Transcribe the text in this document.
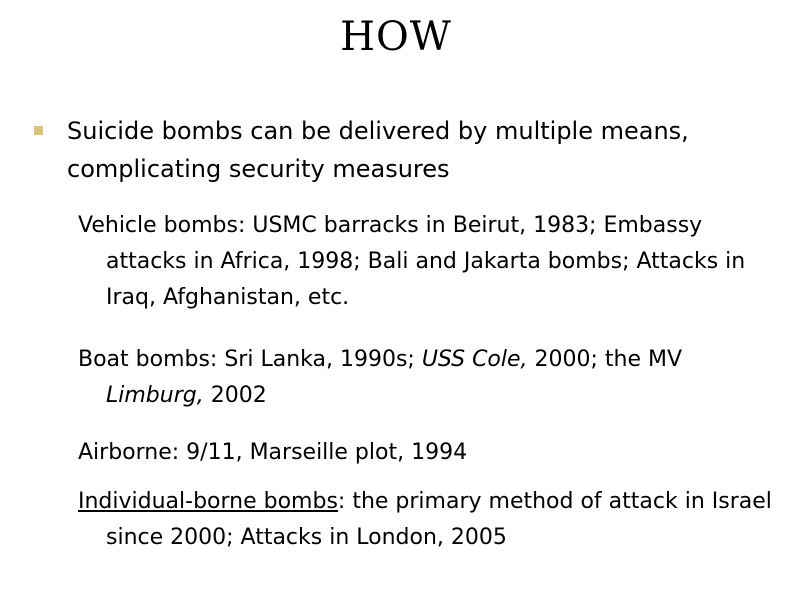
HOW
Suicide bombs can be delivered by multiple means, complicating security measures
Vehicle bombs: USMC barracks in Beirut, 1983; Embassy attacks in Africa, 1998; Bali and Jakarta bombs; Attacks in Iraq, Afghanistan, etc.
Boat bombs: Sri Lanka, 1990s; USS Cole, 2000; the MV Limburg, 2002
Airborne: 9/11, Marseille plot, 1994
Individual-borne bombs: the primary method of attack in Israel since 2000; Attacks in London, 2005
